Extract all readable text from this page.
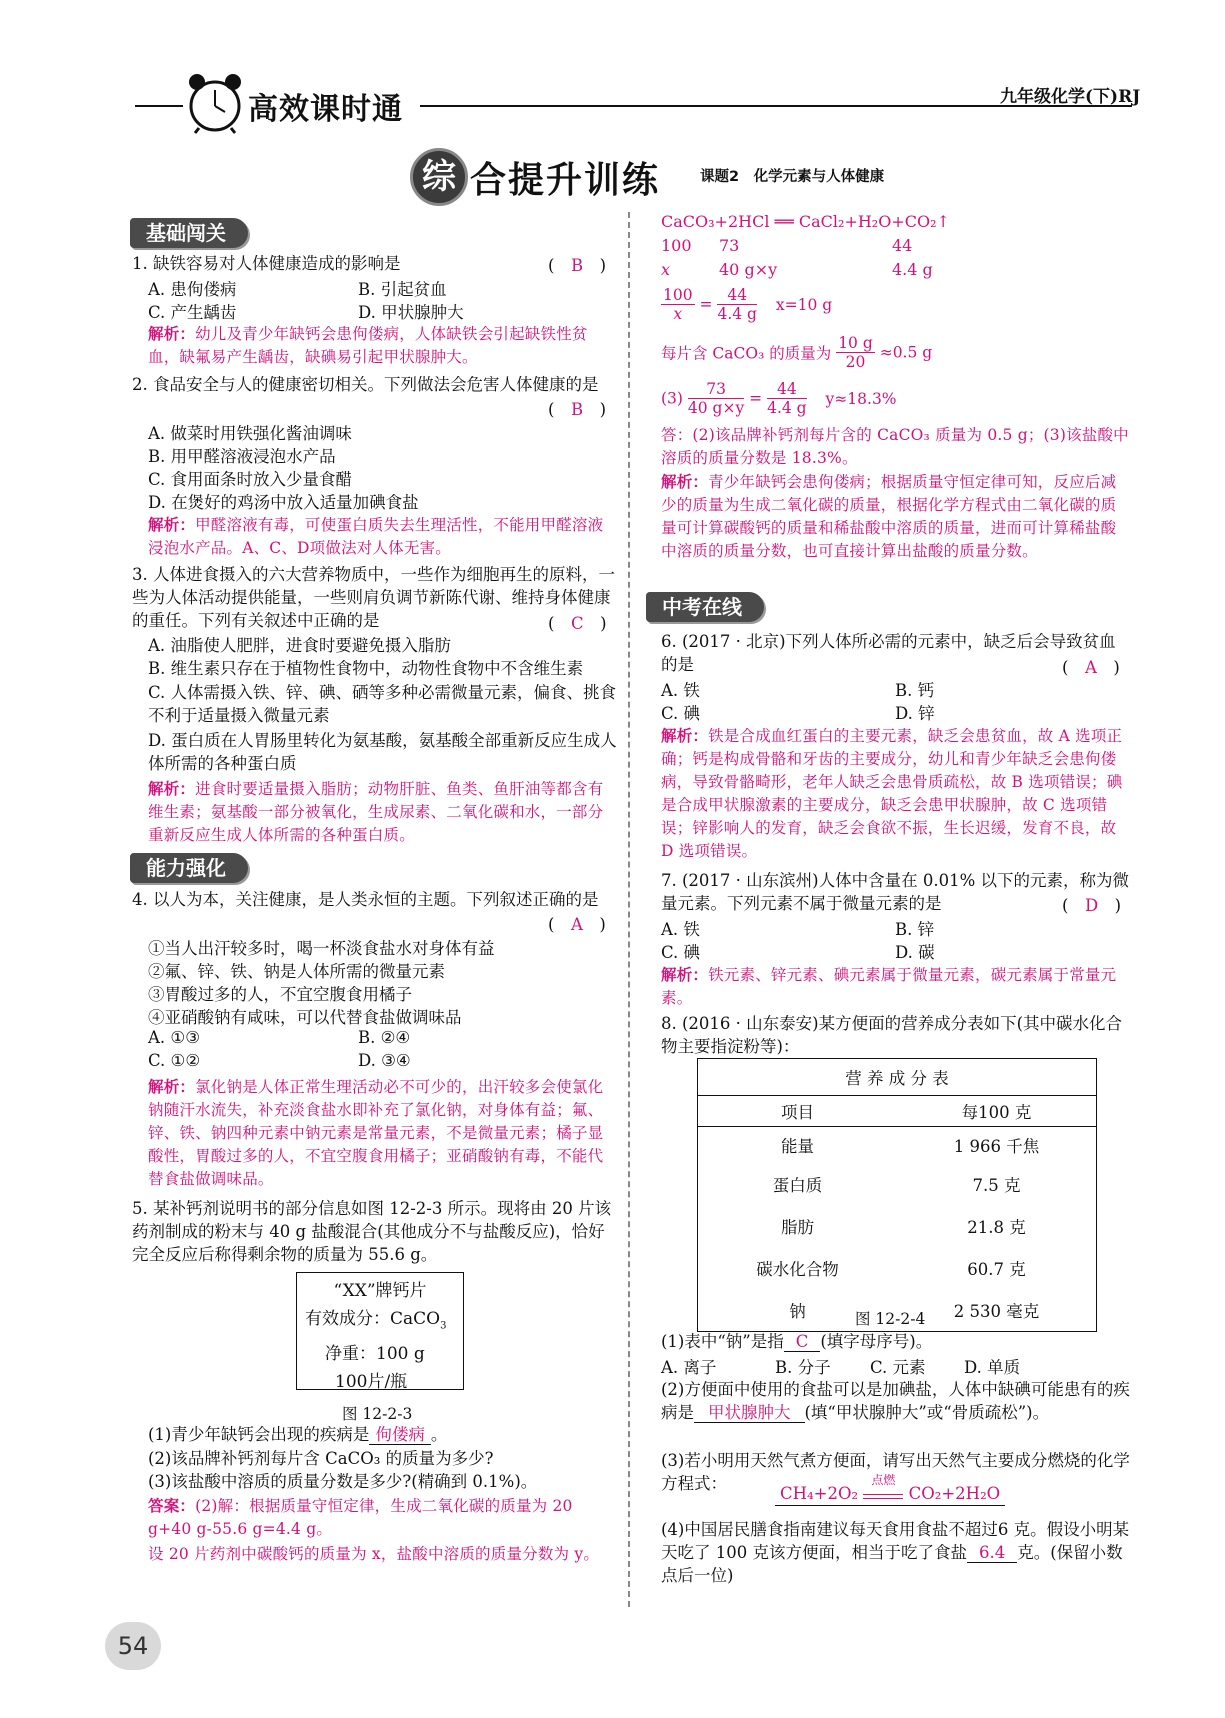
高效课时通	九年级化学(下)RJ
综 合提升训练	课题2　化学元素与人体健康
基础闯关
1. 缺铁容易对人体健康造成的影响是	(　B　)
A. 患佝偻病	B. 引起贫血
C. 产生龋齿	D. 甲状腺肿大
解析：幼儿及青少年缺钙会患佝偻病，人体缺铁会引起缺铁性贫血，缺氟易产生龋齿，缺碘易引起甲状腺肿大。
2. 食品安全与人的健康密切相关。下列做法会危害人体健康的是
(　B　)
A. 做菜时用铁强化酱油调味
B. 用甲醛溶液浸泡水产品
C. 食用面条时放入少量食醋
D. 在煲好的鸡汤中放入适量加碘食盐
解析：甲醛溶液有毒，可使蛋白质失去生理活性，不能用甲醛溶液浸泡水产品。A、C、D项做法对人体无害。
3. 人体进食摄入的六大营养物质中，一些作为细胞再生的原料，一些为人体活动提供能量，一些则肩负调节新陈代谢、维持身体健康的重任。下列有关叙述中正确的是	(　C　)
A. 油脂使人肥胖，进食时要避免摄入脂肪
B. 维生素只存在于植物性食物中，动物性食物中不含维生素
C. 人体需摄入铁、锌、碘、硒等多种必需微量元素，偏食、挑食不利于适量摄入微量元素
D. 蛋白质在人胃肠里转化为氨基酸，氨基酸全部重新反应生成人体所需的各种蛋白质
解析：进食时要适量摄入脂肪；动物肝脏、鱼类、鱼肝油等都含有维生素；氨基酸一部分被氧化，生成尿素、二氧化碳和水，一部分重新反应生成人体所需的各种蛋白质。
能力强化
4. 以人为本，关注健康，是人类永恒的主题。下列叙述正确的是
(　A　)
①当人出汗较多时，喝一杯淡食盐水对身体有益
②氟、锌、铁、钠是人体所需的微量元素
③胃酸过多的人，不宜空腹食用橘子
④亚硝酸钠有咸味，可以代替食盐做调味品
A. ①③	B. ②④
C. ①②	D. ③④
解析：氯化钠是人体正常生理活动必不可少的，出汗较多会使氯化钠随汗水流失，补充淡食盐水即补充了氯化钠，对身体有益；氟、锌、铁、钠四种元素中钠元素是常量元素，不是微量元素；橘子显酸性，胃酸过多的人，不宜空腹食用橘子；亚硝酸钠有毒，不能代替食盐做调味品。
5. 某补钙剂说明书的部分信息如图 12-2-3 所示。现将由 20 片该药剂制成的粉末与 40 g 盐酸混合(其他成分不与盐酸反应)，恰好完全反应后称得剩余物的质量为 55.6 g。
“XX”牌钙片
有效成分：CaCO$_3$
净重：100 g
100片/瓶
图 12-2-3
(1)青少年缺钙会出现的疾病是 佝偻病 。
(2)该品牌补钙剂每片含 CaCO₃ 的质量为多少?
(3)该盐酸中溶质的质量分数是多少?(精确到 0.1%)。
答案：(2)解：根据质量守恒定律，生成二氧化碳的质量为 20 g+40 g-55.6 g=4.4 g。
设 20 片药剂中碳酸钙的质量为 x，盐酸中溶质的质量分数为 y。
CaCO₃+2HCl ══ CaCl₂+H₂O+CO₂↑
100 73	44
x	40 g×y	4.4 g
$\frac{100}{x} = \frac{44}{4.4 g} x=10$ g
每片含 CaCO₃ 的质量为 $\frac{10 g}{20} \approx 0.5$ g
$(3) \frac{73}{40 g\times y} = \frac{44}{4.4 g} y\approx 18.3\%$
答：(2)该品牌补钙剂每片含的 CaCO₃ 质量为 0.5 g；(3)该盐酸中溶质的质量分数是 18.3%。
解析：青少年缺钙会患佝偻病；根据质量守恒定律可知，反应后减少的质量为生成二氧化碳的质量，根据化学方程式由二氧化碳的质量可计算碳酸钙的质量和稀盐酸中溶质的质量，进而可计算稀盐酸中溶质的质量分数，也可直接计算出盐酸的质量分数。
中考在线
6. (2017 · 北京)下列人体所必需的元素中，缺乏后会导致贫血的是	(　A　)
A. 铁	B. 钙
C. 碘	D. 锌
解析：铁是合成血红蛋白的主要元素，缺乏会患贫血，故 A 选项正确；钙是构成骨骼和牙齿的主要成分，幼儿和青少年缺乏会患佝偻病，导致骨骼畸形，老年人缺乏会患骨质疏松，故 B 选项错误；碘是合成甲状腺激素的主要成分，缺乏会患甲状腺肿，故 C 选项错误；锌影响人的发育，缺乏会食欲不振，生长迟缓，发育不良，故 D 选项错误。
7. (2017 · 山东滨州)人体中含量在 0.01% 以下的元素，称为微量元素。下列元素不属于微量元素的是	(　D　)
A. 铁	B. 锌
C. 碘	D. 碳
解析：铁元素、锌元素、碘元素属于微量元素，碳元素属于常量元素。
8. (2016 · 山东泰安)某方便面的营养成分表如下(其中碳水化合物主要指淀粉等)：
营 养 成 分 表	
项目	每100 克
能量	1 966 千焦
蛋白质	7.5 克
脂肪	21.8 克
碳水化合物	60.7 克
钠	2 530 毫克
图 12-2-4
(1)表中“钠”是指 C (填字母序号)。
A. 离子	B. 分子 C. 元素 D. 单质
(2)方便面中使用的食盐可以是加碘盐，人体中缺碘可能患有的疾病是 甲状腺肿大 (填“甲状腺肿大”或“骨质疏松”)。
(3)若小明用天然气煮方便面，请写出天然气主要成分燃烧的化学方程式：
CH₄+2O₂
点燃
CO₂+2H₂O
(4)中国居民膳食指南建议每天食用食盐不超过6 克。假设小明某天吃了 100 克该方便面，相当于吃了食盐 6.4 克。(保留小数点后一位)
54
